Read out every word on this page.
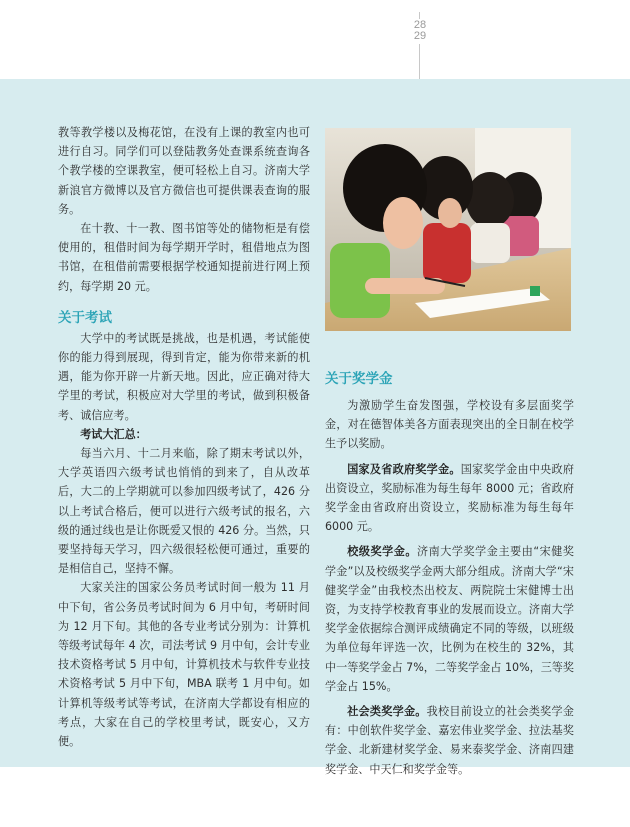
28
29

教等教学楼以及梅花馆，在没有上课的教室内也可进行自习。同学们可以登陆教务处查课系统查询各个教学楼的空课教室，便可轻松上自习。济南大学新浪官方微博以及官方微信也可提供课表查询的服务。

在十教、十一教、图书馆等处的储物柜是有偿使用的，租借时间为每学期开学时，租借地点为图书馆，在租借前需要根据学校通知提前进行网上预约，每学期 20 元。

关于考试

大学中的考试既是挑战，也是机遇，考试能使你的能力得到展现，得到肯定，能为你带来新的机遇，能为你开辟一片新天地。因此，应正确对待大学里的考试，积极应对大学里的考试，做到积极备考、诚信应考。

考试大汇总：

每当六月、十二月来临，除了期末考试以外，大学英语四六级考试也悄悄的到来了，自从改革后，大二的上学期就可以参加四级考试了，426 分以上考试合格后，便可以进行六级考试的报名，六级的通过线也是让你既爱又恨的 426 分。当然，只要坚持每天学习，四六级很轻松便可通过，重要的是相信自己，坚持不懈。

大家关注的国家公务员考试时间一般为 11 月中下旬，省公务员考试时间为 6 月中旬，考研时间为 12 月下旬。其他的各专业考试分别为：计算机等级考试每年 4 次，司法考试 9 月中旬，会计专业技术资格考试 5 月中旬，计算机技术与软件专业技术资格考试 5 月中下旬，MBA 联考 1 月中旬。如计算机等级考试等考试，在济南大学都设有相应的考点，大家在自己的学校里考试，既安心，又方便。

关于奖学金

为激励学生奋发图强，学校设有多层面奖学金，对在德智体美各方面表现突出的全日制在校学生予以奖励。

国家及省政府奖学金。国家奖学金由中央政府出资设立，奖励标准为每生每年 8000 元；省政府奖学金由省政府出资设立，奖励标准为每生每年 6000 元。

校级奖学金。济南大学奖学金主要由“宋健奖学金”以及校级奖学金两大部分组成。济南大学“宋健奖学金”由我校杰出校友、两院院士宋健博士出资，为支持学校教育事业的发展而设立。济南大学奖学金依据综合测评成绩确定不同的等级，以班级为单位每年评选一次，比例为在校生的 32%，其中一等奖学金占 7%，二等奖学金占 10%，三等奖学金占 15%。

社会类奖学金。我校目前设立的社会类奖学金有：中创软件奖学金、嘉宏伟业奖学金、拉法基奖学金、北新建材奖学金、易来泰奖学金、济南四建奖学金、中天仁和奖学金等。
